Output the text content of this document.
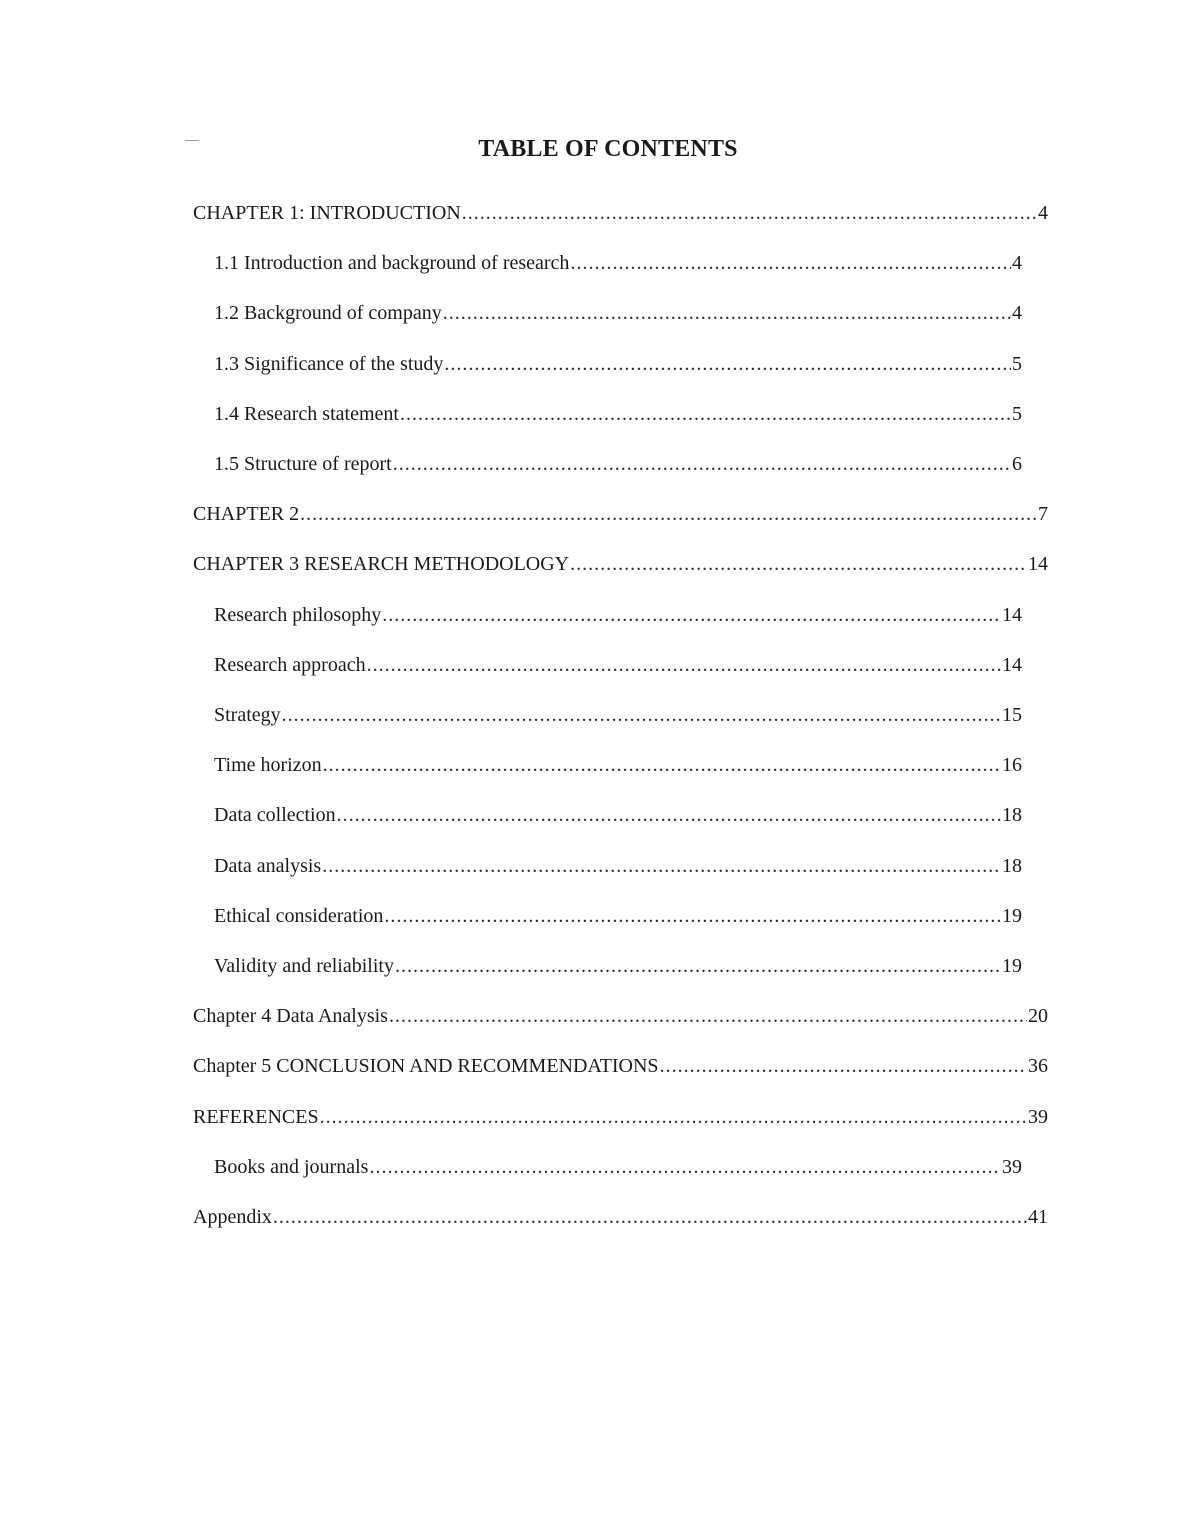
TABLE OF CONTENTS
CHAPTER 1: INTRODUCTION .....	4
1.1 Introduction and background of research .....	4
1.2 Background of company .....	4
1.3 Significance of the study .....	5
1.4 Research statement .....	5
1.5 Structure of report .....	6
CHAPTER 2 .....	7
CHAPTER 3 RESEARCH METHODOLOGY .....	14
Research philosophy .....	14
Research approach .....	14
Strategy .....	15
Time horizon .....	16
Data collection .....	18
Data analysis .....	18
Ethical consideration .....	19
Validity and reliability .....	19
Chapter 4 Data Analysis .....	20
Chapter 5 CONCLUSION AND RECOMMENDATIONS .....	36
REFERENCES .....	39
Books and journals .....	39
Appendix .....	41
